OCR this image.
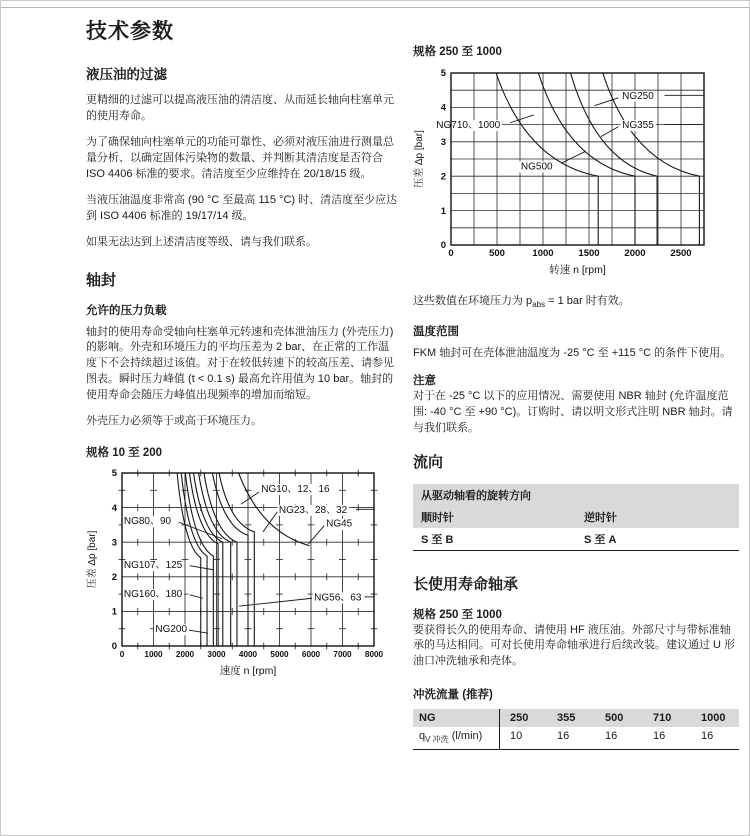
技术参数
液压油的过滤

更精细的过滤可以提高液压油的清洁度、从而延长轴向柱塞单元的使用寿命。

为了确保轴向柱塞单元的功能可靠性、必须对液压油进行测量总量分析、以确定固体污染物的数量、并判断其清洁度是否符合 ISO 4406 标准的要求。清洁度至少应维持在 20/18/15 级。

当液压油温度非常高 (90 °C 至最高 115 °C) 时、清洁度至少应达到 ISO 4406 标准的 19/17/14 级。

如果无法达到上述清洁度等级、请与我们联系。

轴封
允许的压力负载

轴封的使用寿命受轴向柱塞单元转速和壳体泄油压力 (外壳压力) 的影响。外壳和环境压力的平均压差为 2 bar、在正常的工作温度下不会持续超过该值。对于在较低转速下的较高压差、请参见图表。瞬时压力峰值 (t < 0.1 s) 最高允许用值为 10 bar。轴封的使用寿命会随压力峰值出现频率的增加而缩短。

外壳压力必须等于或高于环境压力。

规格 10 至 200
NG10、12、16
NG23、28、32
NG45
NG80、90
NG107、125
NG160、180	NG56、63
NG200
0 1000 2000 3000 4000 5000 6000 7000 8000
0
1
2
3
4
5
速度 n [rpm]
压差 Δp [bar]
规格 250 至 1000
NG250
NG355
NG710、1000
NG500
0	500	1000	1500	2000	2500
0
1
2
3
4
5
转速 n [rpm]
压差 Δp [bar]

这些数值在环境压力为 $p_{abs} = 1$ bar 时有效。

温度范围

FKM 轴封可在壳体泄油温度为 -25 °C 至 +115 °C 的条件下使用。

注意

对于在 -25 °C 以下的应用情况、需要使用 NBR 轴封 (允许温度范围: -40 °C 至 +90 °C)。订购时、请以明文形式注明 NBR 轴封。请与我们联系。

流向
从驱动轴看的旋转方向
顺时针	逆时针
S 至 B	S 至 A
长使用寿命轴承
规格 250 至 1000

要获得长久的使用寿命、请使用 HF 液压油。外部尺寸与带标准轴承的马达相同。可对长使用寿命轴承进行后续改装。建议通过 U 形油口冲洗轴承和壳体。

冲洗流量 (推荐)
NG	250	355	500	710	1000
$q_{V 冲洗}$ (l/min)	10	16	16	16	16
